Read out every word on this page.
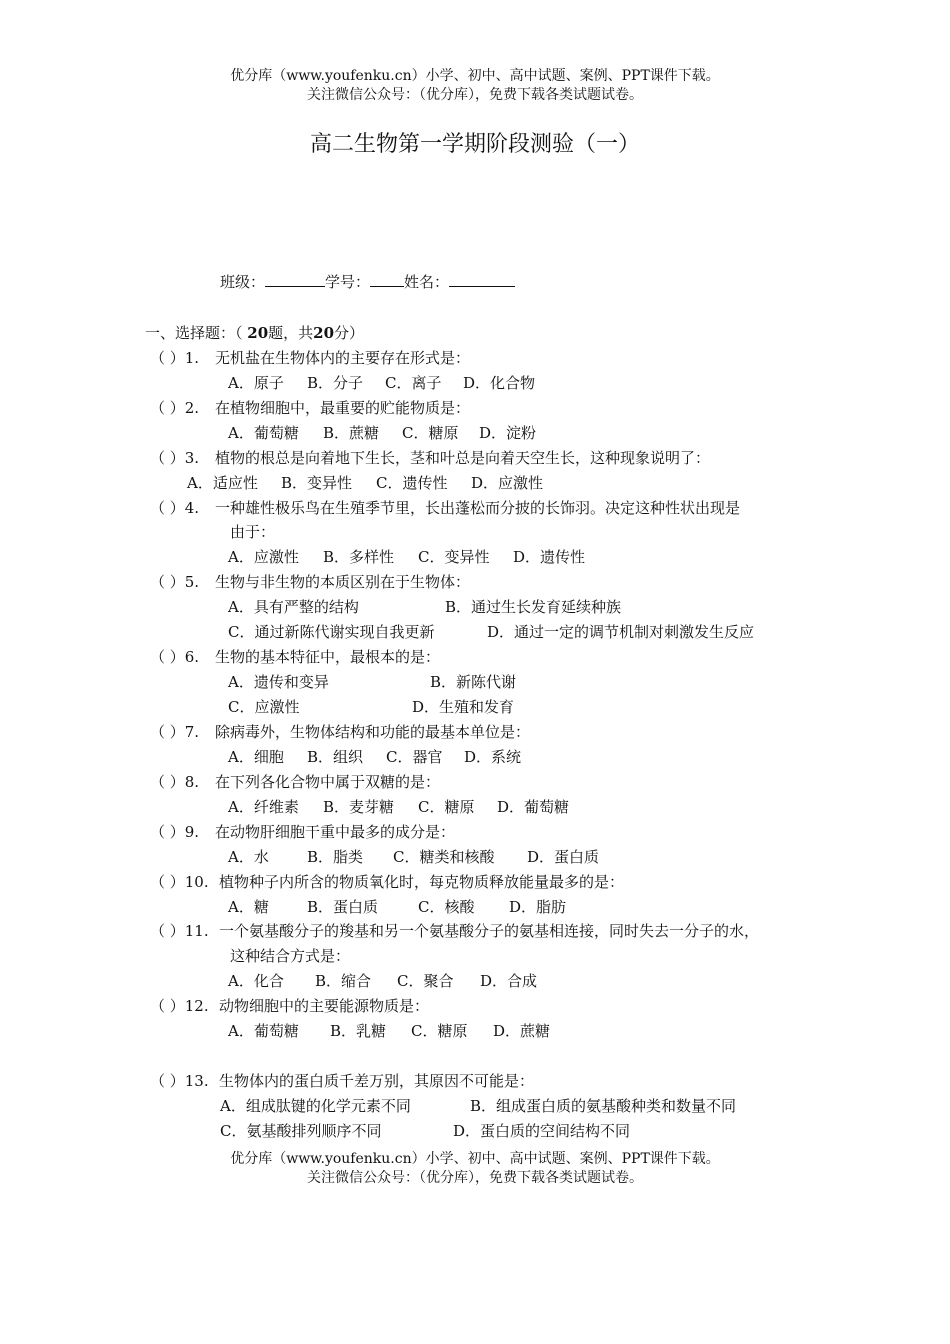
优分库（www.youfenku.cn）小学、初中、高中试题、案例、PPT课件下载。
关注微信公众号：（优分库），免费下载各类试题试卷。
高二生物第一学期阶段测验（一）
班级：	学号： 姓名：
一、选择题：（ 20题，共20分）
（ ）1. 无机盐在生物体内的主要存在形式是：
A．原子 B．分子 C．离子 D．化合物
（ ）2. 在植物细胞中，最重要的贮能物质是：
A．葡萄糖 B．蔗糖 C．糖原 D．淀粉
（ ）3. 植物的根总是向着地下生长，茎和叶总是向着天空生长，这种现象说明了：
A．适应性 B．变异性 C．遗传性 D．应激性
（ ）4. 一种雄性极乐鸟在生殖季节里，长出蓬松而分披的长饰羽。决定这种性状出现是
由于：
A．应激性 B．多样性 C．变异性 D．遗传性
（ ）5. 生物与非生物的本质区别在于生物体：
A．具有严整的结构	B．通过生长发育延续种族
C．通过新陈代谢实现自我更新	D．通过一定的调节机制对刺激发生反应
（ ）6. 生物的基本特征中，最根本的是：
A．遗传和变异	B．新陈代谢
C．应激性	D．生殖和发育
（ ）7. 除病毒外，生物体结构和功能的最基本单位是：
A．细胞 B．组织 C．器官 D．系统
（ ）8. 在下列各化合物中属于双糖的是：
A．纤维素 B．麦芽糖 C．糖原 D．葡萄糖
（ ）9. 在动物肝细胞干重中最多的成分是：
A．水	B．脂类 C．糖类和核酸 D．蛋白质
（ ）10. 植物种子内所含的物质氧化时，每克物质释放能量最多的是：
A．糖	B．蛋白质	C．核酸 D．脂肪
（ ）11. 一个氨基酸分子的羧基和另一个氨基酸分子的氨基相连接，同时失去一分子的水，
这种结合方式是：
A．化合 B．缩合 C．聚合 D．合成
（ ）12. 动物细胞中的主要能源物质是：
A．葡萄糖 B．乳糖 C．糖原 D．蔗糖
（ ）13. 生物体内的蛋白质千差万别，其原因不可能是：
A．组成肽键的化学元素不同	B．组成蛋白质的氨基酸种类和数量不同
C．氨基酸排列顺序不同	D．蛋白质的空间结构不同
优分库（www.youfenku.cn）小学、初中、高中试题、案例、PPT课件下载。
关注微信公众号：（优分库），免费下载各类试题试卷。
